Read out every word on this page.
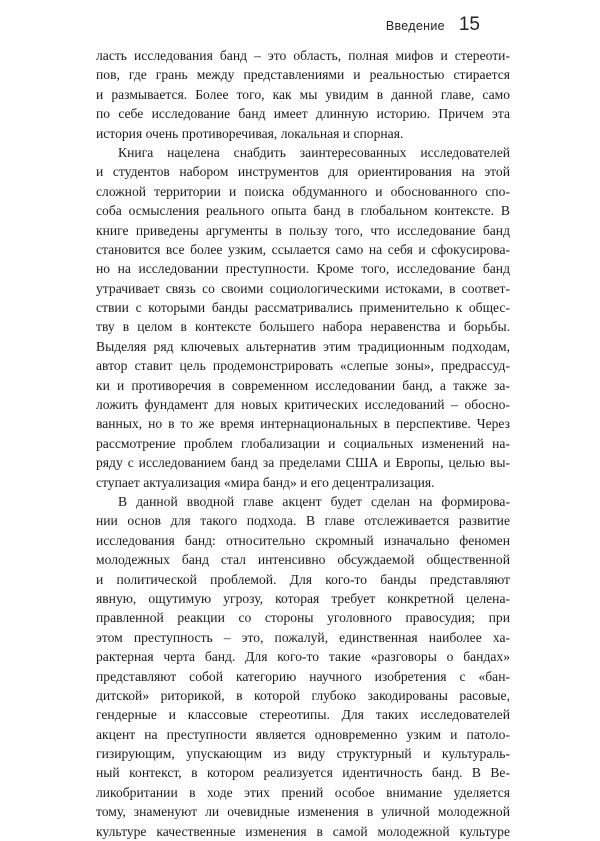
Введение 15
ласть исследования банд – это область, полная мифов и стереоти-
пов, где грань между представлениями и реальностью стирается
и размывается. Более того, как мы увидим в данной главе, само
по себе исследование банд имеет длинную историю. Причем эта
история очень противоречивая, локальная и спорная.
Книга нацелена снабдить заинтересованных исследователей
и студентов набором инструментов для ориентирования на этой
сложной территории и поиска обдуманного и обоснованного спо-
соба осмысления реального опыта банд в глобальном контексте. В
книге приведены аргументы в пользу того, что исследование банд
становится все более узким, ссылается само на себя и сфокусирова-
но на исследовании преступности. Кроме того, исследование банд
утрачивает связь со своими социологическими истоками, в соответ-
ствии с которыми банды рассматривались применительно к общес-
тву в целом в контексте большего набора неравенства и борьбы.
Выделяя ряд ключевых альтернатив этим традиционным подходам,
автор ставит цель продемонстрировать «слепые зоны», предрассуд-
ки и противоречия в современном исследовании банд, а также за-
ложить фундамент для новых критических исследований – обосно-
ванных, но в то же время интернациональных в перспективе. Через
рассмотрение проблем глобализации и социальных изменений на-
ряду с исследованием банд за пределами США и Европы, целью вы-
ступает актуализация «мира банд» и его децентрализация.
В данной вводной главе акцент будет сделан на формирова-
нии основ для такого подхода. В главе отслеживается развитие
исследования банд: относительно скромный изначально феномен
молодежных банд стал интенсивно обсуждаемой общественной
и политической проблемой. Для кого-то банды представляют
явную, ощутимую угрозу, которая требует конкретной целена-
правленной реакции со стороны уголовного правосудия; при
этом преступность – это, пожалуй, единственная наиболее ха-
рактерная черта банд. Для кого-то такие «разговоры о бандах»
представляют собой категорию научного изобретения с «бан-
дитской» риторикой, в которой глубоко закодированы расовые,
гендерные и классовые стереотипы. Для таких исследователей
акцент на преступности является одновременно узким и патоло-
гизирующим, упускающим из виду структурный и культураль-
ный контекст, в котором реализуется идентичность банд. В Ве-
ликобритании в ходе этих прений особое внимание уделяется
тому, знаменуют ли очевидные изменения в уличной молодежной
культуре качественные изменения в самой молодежной культуре
